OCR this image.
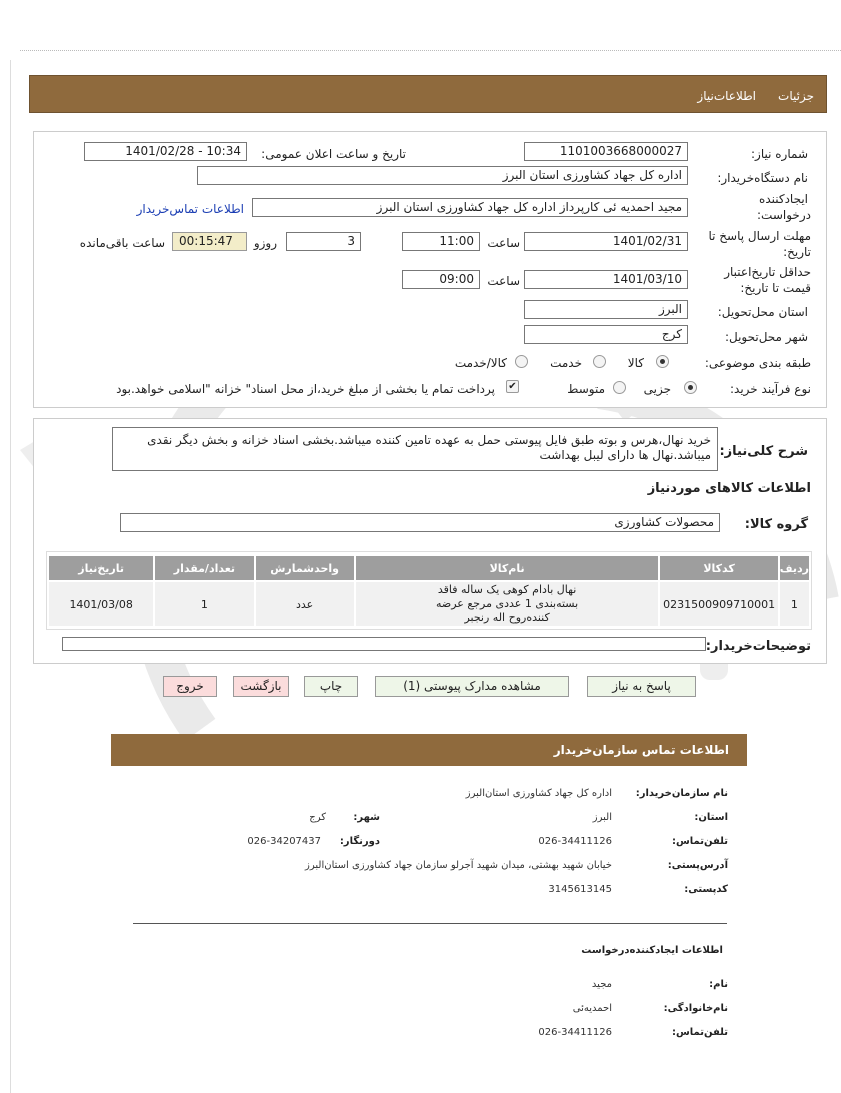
جزئيات
اطلاعات‌نیاز
شماره نیاز:
1101003668000027
تاریخ و ساعت اعلان عمومی:
1401/02/28 - 10:34
نام دستگاه‌خریدار:
اداره کل جهاد کشاورزی استان البرز
ایجادکننده
درخواست:
مجید احمدیه ئی کارپرداز اداره کل جهاد کشاورزی استان البرز
اطلاعات تماس‌خریدار
مهلت ارسال پاسخ تا
تاریخ:
1401/02/31
ساعت
11:00
3
روزو
00:15:47
ساعت باقی‌مانده
حداقل تاریخ‌اعتبار
قیمت تا تاریخ:
1401/03/10
ساعت
09:00
استان محل‌تحویل:
البرز
شهر محل‌تحویل:
کرج
طبقه بندی موضوعی:
کالا
خدمت
کالا/خدمت
نوع فرآیند خرید:
جزیی
متوسط
✔
پرداخت تمام یا بخشی از مبلغ خرید،از محل اسناد" خزانه "اسلامی خواهد.بود
شرح کلی‌نیاز:
خرید نهال،هرس و بوته طبق فایل پیوستی حمل به عهده تامین کننده میباشد.بخشی اسناد خزانه و بخش دیگر نقدی میباشد.نهال ها دارای لیبل بهداشت
اطلاعات کالاهای موردنیاز
گروه کالا:
محصولات کشاورزی
ردیف	کدکالا	نام‌کالا	واحدشمارش	تعداد/مقدار	تاریخ‌نیاز
1	0231500909710001	نهال بادام کوهی یک ساله فاقد
بسته‌بندی 1 عددی مرجع عرضه
کننده‌روح اله رنجبر	عدد	1	1401/03/08
توضیحات‌خریدار:
پاسخ به نیاز
مشاهده مدارک پیوستی (1)
چاپ
بازگشت
خروج
اطلاعات تماس سازمان‌خریدار
نام سازمان‌خریدار:
اداره کل جهاد کشاورزی استان‌البرز
استان:
البرز
شهر:
کرج
تلفن‌تماس:
026-34411126
دورنگار:
026-34207437
آدرس‌پستی:
خیابان شهید بهشتی، میدان شهید آجرلو سازمان جهاد کشاورزی استان‌البرز
کدپستی:
3145613145
اطلاعات ایجادکننده‌درخواست
نام:
مجید
نام‌خانوادگی:
احمدیه‌ئی
تلفن‌تماس:
026-34411126
